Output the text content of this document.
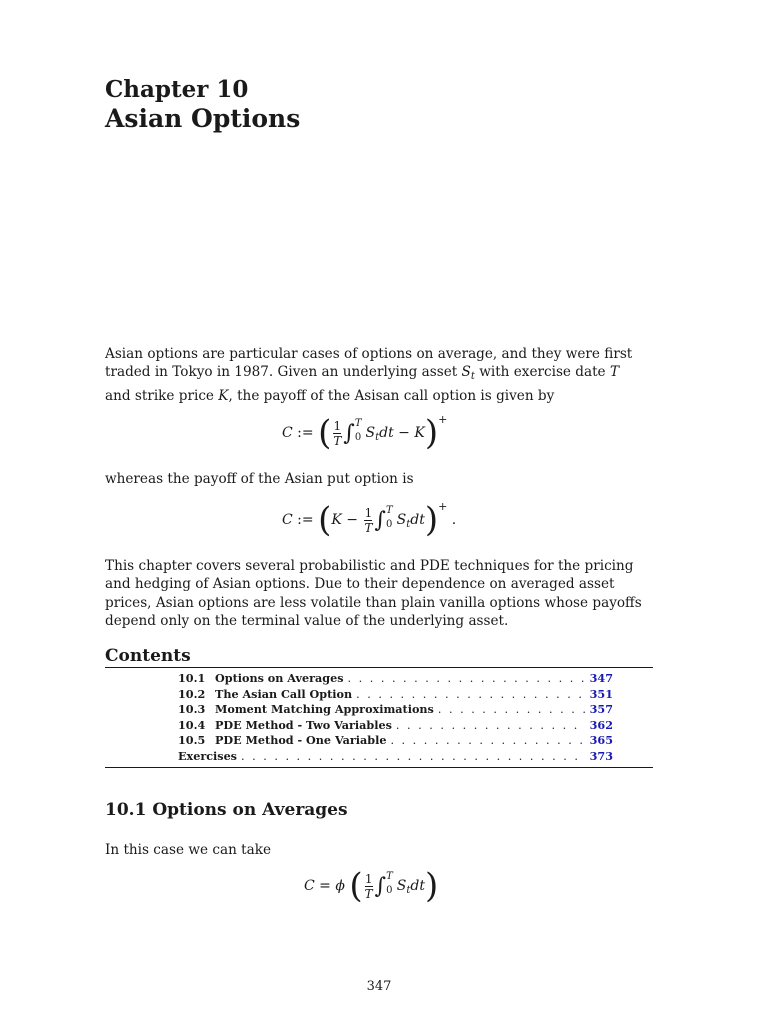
Chapter 10
Asian Options
Asian options are particular cases of options on average, and they were first
traded in Tokyo in 1987. Given an underlying asset $S_t$ with exercise date T
and strike price K, the payoff of the Asisan call option is given by
C := ( $\frac{1}{T}$ ∫ T
0 $S_tdt - K)^+$
whereas the payoff of the Asian put option is
C := ($K - \frac{1}{T}$ ∫ T
0 $S_tdt)^+$ .
This chapter covers several probabilistic and PDE techniques for the pricing
and hedging of Asian options. Due to their dependence on averaged asset
prices, Asian options are less volatile than plain vanilla options whose payoffs
depend only on the terminal value of the underlying asset.
Contents
10.1 Options on Averages . . .	347
10.2 The Asian Call Option . . .	351
10.3 Moment Matching Approximations . . .	357
10.4 PDE Method - Two Variables . . .	362
10.5 PDE Method - One Variable . . .	365
Exercises . . .	373
10.1 Options on Averages
In this case we can take
C = ϕ ( $\frac{1}{T}$ ∫ T
0 $S_tdt$)
347
